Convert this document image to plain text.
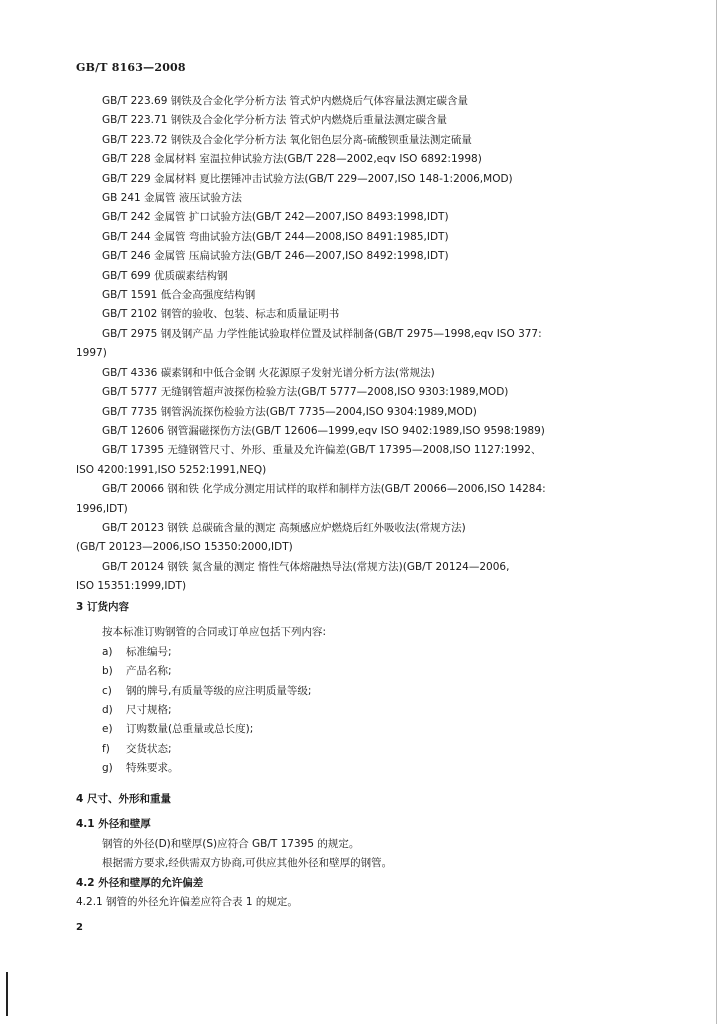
GB/T 8163—2008
GB/T 223.69 钢铁及合金化学分析方法 管式炉内燃烧后气体容量法测定碳含量
GB/T 223.71 钢铁及合金化学分析方法 管式炉内燃烧后重量法测定碳含量
GB/T 223.72 钢铁及合金化学分析方法 氧化铝色层分离-硫酸钡重量法测定硫量
GB/T 228 金属材料 室温拉伸试验方法(GB/T 228—2002,eqv ISO 6892:1998)
GB/T 229 金属材料 夏比摆锤冲击试验方法(GB/T 229—2007,ISO 148-1:2006,MOD)
GB 241 金属管 液压试验方法
GB/T 242 金属管 扩口试验方法(GB/T 242—2007,ISO 8493:1998,IDT)
GB/T 244 金属管 弯曲试验方法(GB/T 244—2008,ISO 8491:1985,IDT)
GB/T 246 金属管 压扁试验方法(GB/T 246—2007,ISO 8492:1998,IDT)
GB/T 699 优质碳素结构钢
GB/T 1591 低合金高强度结构钢
GB/T 2102 钢管的验收、包装、标志和质量证明书
GB/T 2975 钢及钢产品 力学性能试验取样位置及试样制备(GB/T 2975—1998,eqv ISO 377:
1997)
GB/T 4336 碳素钢和中低合金钢 火花源原子发射光谱分析方法(常规法)
GB/T 5777 无缝钢管超声波探伤检验方法(GB/T 5777—2008,ISO 9303:1989,MOD)
GB/T 7735 钢管涡流探伤检验方法(GB/T 7735—2004,ISO 9304:1989,MOD)
GB/T 12606 钢管漏磁探伤方法(GB/T 12606—1999,eqv ISO 9402:1989,ISO 9598:1989)
GB/T 17395 无缝钢管尺寸、外形、重量及允许偏差(GB/T 17395—2008,ISO 1127:1992、
ISO 4200:1991,ISO 5252:1991,NEQ)
GB/T 20066 钢和铁 化学成分测定用试样的取样和制样方法(GB/T 20066—2006,ISO 14284:
1996,IDT)
GB/T 20123 钢铁 总碳硫含量的测定 高频感应炉燃烧后红外吸收法(常规方法)
(GB/T 20123—2006,ISO 15350:2000,IDT)
GB/T 20124 钢铁 氮含量的测定 惰性气体熔融热导法(常规方法)(GB/T 20124—2006,
ISO 15351:1999,IDT)
3 订货内容
按本标准订购钢管的合同或订单应包括下列内容:
a) 标准编号;
b) 产品名称;
c) 钢的牌号,有质量等级的应注明质量等级;
d) 尺寸规格;
e) 订购数量(总重量或总长度);
f) 交货状态;
g) 特殊要求。
4 尺寸、外形和重量
4.1 外径和壁厚
钢管的外径(D)和壁厚(S)应符合 GB/T 17395 的规定。
根据需方要求,经供需双方协商,可供应其他外径和壁厚的钢管。
4.2 外径和壁厚的允许偏差
4.2.1 钢管的外径允许偏差应符合表 1 的规定。
2
